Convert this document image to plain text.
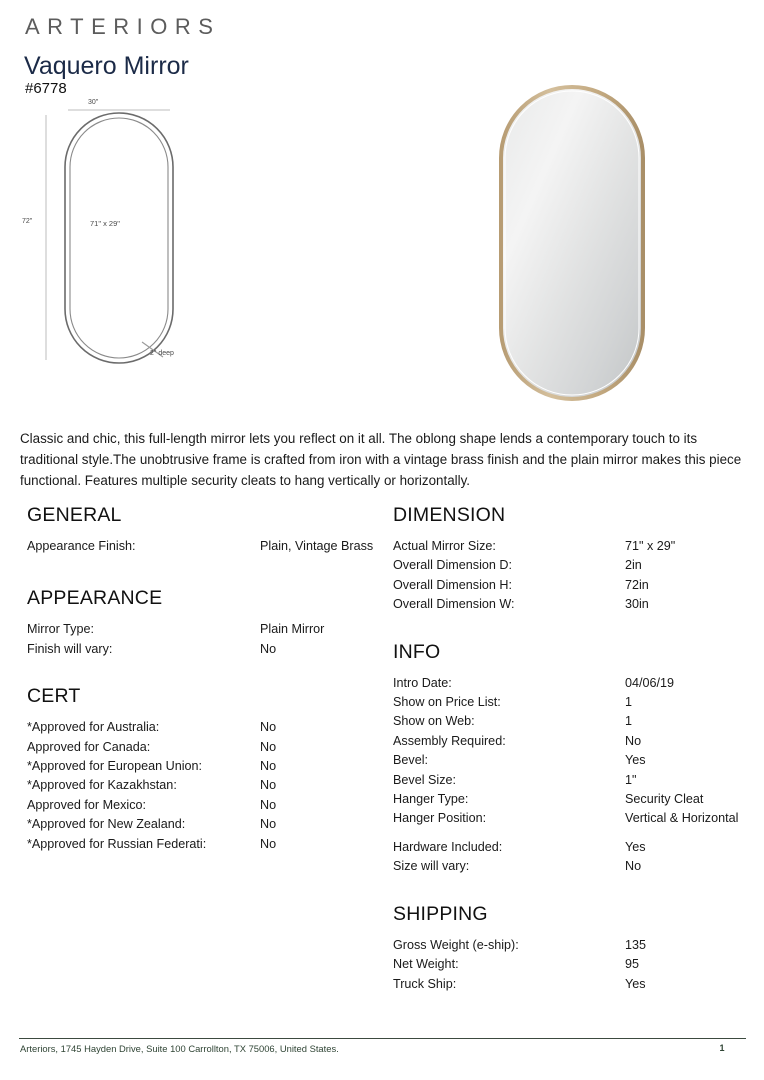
ARTERIORS
Vaquero Mirror
#6778
30"
72"	71" x 29"
2" deep

Classic and chic, this full-length mirror lets you reflect on it all. The oblong shape lends a contemporary touch to its traditional style.The unobtrusive frame is crafted from iron with a vintage brass finish and the plain mirror makes this piece functional. Features multiple security cleats to hang vertically or horizontally.

GENERAL
Appearance Finish:	Plain, Vintage Brass
APPEARANCE
Mirror Type:	Plain Mirror
Finish will vary:	No
CERT
*Approved for Australia:	No
Approved for Canada:	No
*Approved for European Union:	No
*Approved for Kazakhstan:	No
Approved for Mexico:	No
*Approved for New Zealand:	No
*Approved for Russian Federati:	No
DIMENSION
Actual Mirror Size:	71" x 29"
Overall Dimension D:	2in
Overall Dimension H:	72in
Overall Dimension W:	30in
INFO
Intro Date:	04/06/19
Show on Price List:	1
Show on Web:	1
Assembly Required:	No
Bevel:	Yes
Bevel Size:	1"
Hanger Type:	Security Cleat
Hanger Position:	Vertical & Horizontal
Hardware Included:	Yes
Size will vary:	No
SHIPPING
Gross Weight (e-ship):	135
Net Weight:	95
Truck Ship:	Yes
Arteriors, 1745 Hayden Drive, Suite 100 Carrollton, TX 75006, United States.	1
